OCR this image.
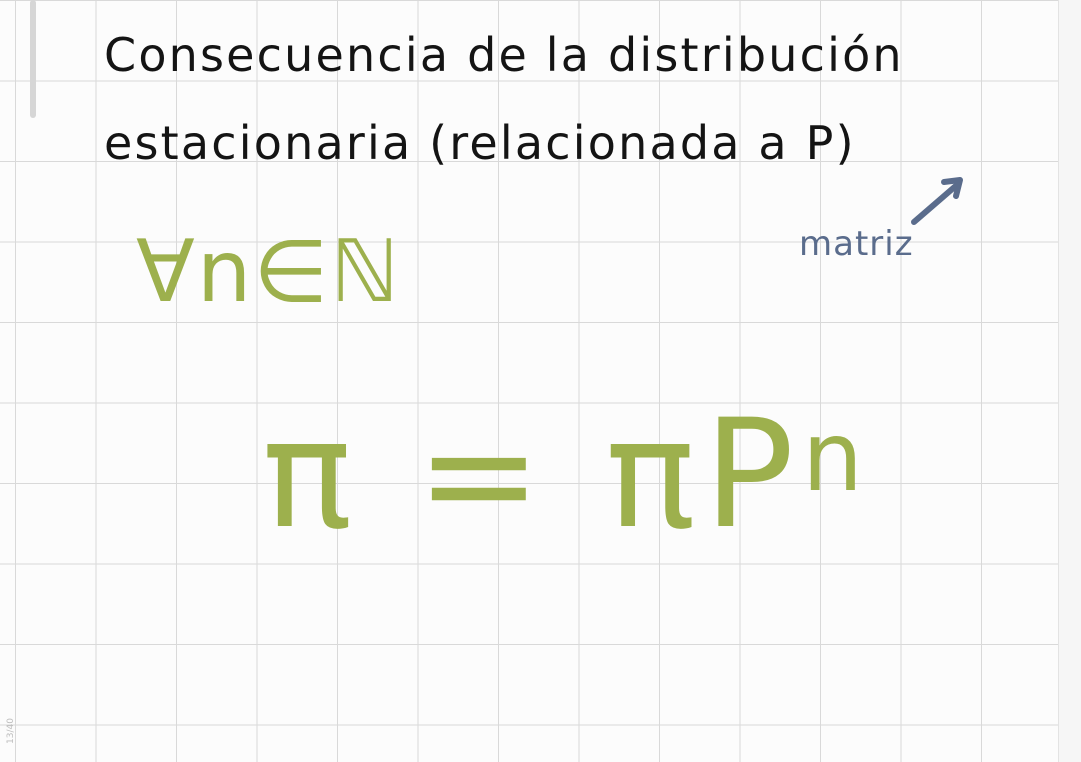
13/40
Consecuencia de la distribución
estacionaria (relacionada a P)
matriz
∀n∈ℕ
$\pi = \pi P^n$
